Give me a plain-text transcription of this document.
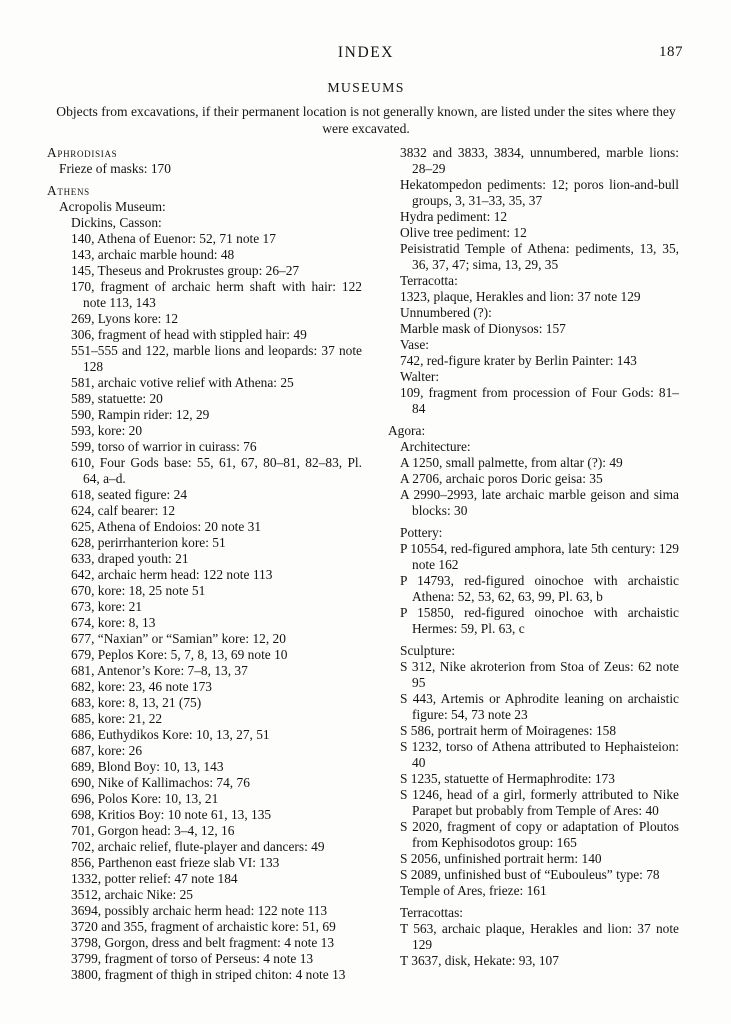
INDEX	187
MUSEUMS

Objects from excavations, if their permanent location is not generally known, are listed under the sites where they were excavated.

Aphrodisias

Frieze of masks: 170

Athens

Acropolis Museum:

Dickins, Casson:

140, Athena of Euenor: 52, 71 note 17

143, archaic marble hound: 48

145, Theseus and Prokrustes group: 26–27

170, fragment of archaic herm shaft with hair: 122 note 113, 143

269, Lyons kore: 12

306, fragment of head with stippled hair: 49

551–555 and 122, marble lions and leopards: 37 note 128

581, archaic votive relief with Athena: 25

589, statuette: 20

590, Rampin rider: 12, 29

593, kore: 20

599, torso of warrior in cuirass: 76

610, Four Gods base: 55, 61, 67, 80–81, 82–83, Pl. 64, a–d.

618, seated figure: 24

624, calf bearer: 12

625, Athena of Endoios: 20 note 31

628, perirrhanterion kore: 51

633, draped youth: 21

642, archaic herm head: 122 note 113

670, kore: 18, 25 note 51

673, kore: 21

674, kore: 8, 13

677, “Naxian” or “Samian” kore: 12, 20

679, Peplos Kore: 5, 7, 8, 13, 69 note 10

681, Antenor’s Kore: 7–8, 13, 37

682, kore: 23, 46 note 173

683, kore: 8, 13, 21 (75)

685, kore: 21, 22

686, Euthydikos Kore: 10, 13, 27, 51

687, kore: 26

689, Blond Boy: 10, 13, 143

690, Nike of Kallimachos: 74, 76

696, Polos Kore: 10, 13, 21

698, Kritios Boy: 10 note 61, 13, 135

701, Gorgon head: 3–4, 12, 16

702, archaic relief, flute-player and dancers: 49

856, Parthenon east frieze slab VI: 133

1332, potter relief: 47 note 184

3512, archaic Nike: 25

3694, possibly archaic herm head: 122 note 113

3720 and 355, fragment of archaistic kore: 51, 69

3798, Gorgon, dress and belt fragment: 4 note 13

3799, fragment of torso of Perseus: 4 note 13

3800, fragment of thigh in striped chiton: 4 note 13

3832 and 3833, 3834, unnumbered, marble lions: 28–29

Hekatompedon pediments: 12; poros lion-and-bull groups, 3, 31–33, 35, 37

Hydra pediment: 12

Olive tree pediment: 12

Peisistratid Temple of Athena: pediments, 13, 35, 36, 37, 47; sima, 13, 29, 35

Terracotta:

1323, plaque, Herakles and lion: 37 note 129

Unnumbered (?):

Marble mask of Dionysos: 157

Vase:

742, red-figure krater by Berlin Painter: 143

Walter:

109, fragment from procession of Four Gods: 81–84

Agora:

Architecture:

A 1250, small palmette, from altar (?): 49

A 2706, archaic poros Doric geisa: 35

A 2990–2993, late archaic marble geison and sima blocks: 30

Pottery:

P 10554, red-figured amphora, late 5th century: 129 note 162

P 14793, red-figured oinochoe with archaistic Athena: 52, 53, 62, 63, 99, Pl. 63, b

P 15850, red-figured oinochoe with archaistic Hermes: 59, Pl. 63, c

Sculpture:

S 312, Nike akroterion from Stoa of Zeus: 62 note 95

S 443, Artemis or Aphrodite leaning on archaistic figure: 54, 73 note 23

S 586, portrait herm of Moiragenes: 158

S 1232, torso of Athena attributed to Hephaisteion: 40

S 1235, statuette of Hermaphrodite: 173

S 1246, head of a girl, formerly attributed to Nike Parapet but probably from Temple of Ares: 40

S 2020, fragment of copy or adaptation of Ploutos from Kephisodotos group: 165

S 2056, unfinished portrait herm: 140

S 2089, unfinished bust of “Eubouleus” type: 78

Temple of Ares, frieze: 161

Terracottas:

T 563, archaic plaque, Herakles and lion: 37 note 129

T 3637, disk, Hekate: 93, 107
